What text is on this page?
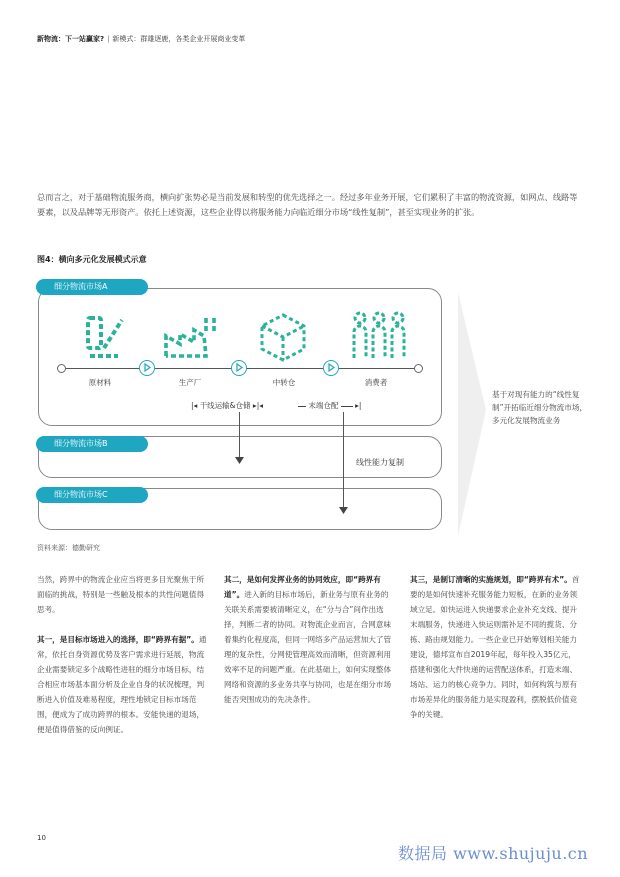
新物流：下一站赢家? | 新模式：群雄逐鹿，各类企业开展商业变革
总而言之，对于基础物流服务商，横向扩张势必是当前发展和转型的优先选择之一。经过多年业务开展，它们累积了丰富的物流资源，如网点、线路等要素，以及品牌等无形资产。依托上述资源，这些企业得以将服务能力向临近细分市场“线性复制”，甚至实现业务的扩张。
图4：横向多元化发展模式示意
细分物流市场A
细分物流市场B
细分物流市场C
原材料	生产厂	中转仓	消费者
|◂ 干线运输&仓储 ▸|◂	末端仓配  ▸|
线性能力复制
基于对现有能力的“线性复制”开拓临近细分物流市场，多元化发展物流业务
资料来源：德勤研究
当然，跨界中的物流企业应当将更多目光聚焦于所面临的挑战，特别是一些触及根本的共性问题值得思考。
其一，是目标市场进入的选择，即“跨界有据”。通常，依托自身资源优势及客户需求进行延展，物流企业需要锁定多个战略性进驻的细分市场目标，结合相应市场基本面分析及企业自身的状况梳理，判断进入价值及难易程度，理性地锁定目标市场范围，便成为了成功跨界的根本。安能快递的退场，便是值得借鉴的反向例证。
其二，是如何发挥业务的协同效应，即“跨界有道”。进入新的目标市场后，新业务与原有业务的关联关系需要被清晰定义，在“分与合”间作出选择，判断二者的协同。对物流企业而言，合网意味着集约化程度高，但同一网络多产品运营加大了管理的复杂性，分网使管理高效而清晰，但资源利用效率不足的问题严重。在此基础上，如何实现整体网络和资源的多业务共享与协同，也是在细分市场能否突围成功的先决条件。
其三，是制订清晰的实施规划，即“跨界有术”。首要的是如何快速补充服务能力短板，在新的业务领域立足。如快运进入快递要求企业补充支线、提升末端服务，快递进入快运则需补足不同的揽货、分拣、路由规划能力。一些企业已开始筹划相关能力建设，德邦宣布自2019年起，每年投入35亿元，搭建和强化大件快递的运营配送体系，打造末端、场站、运力的核心竞争力。同时，如何构筑与原有市场差异化的服务能力是实现盈利，摆脱低价值竞争的关键。
10
数据局 www.shujuju.cn
